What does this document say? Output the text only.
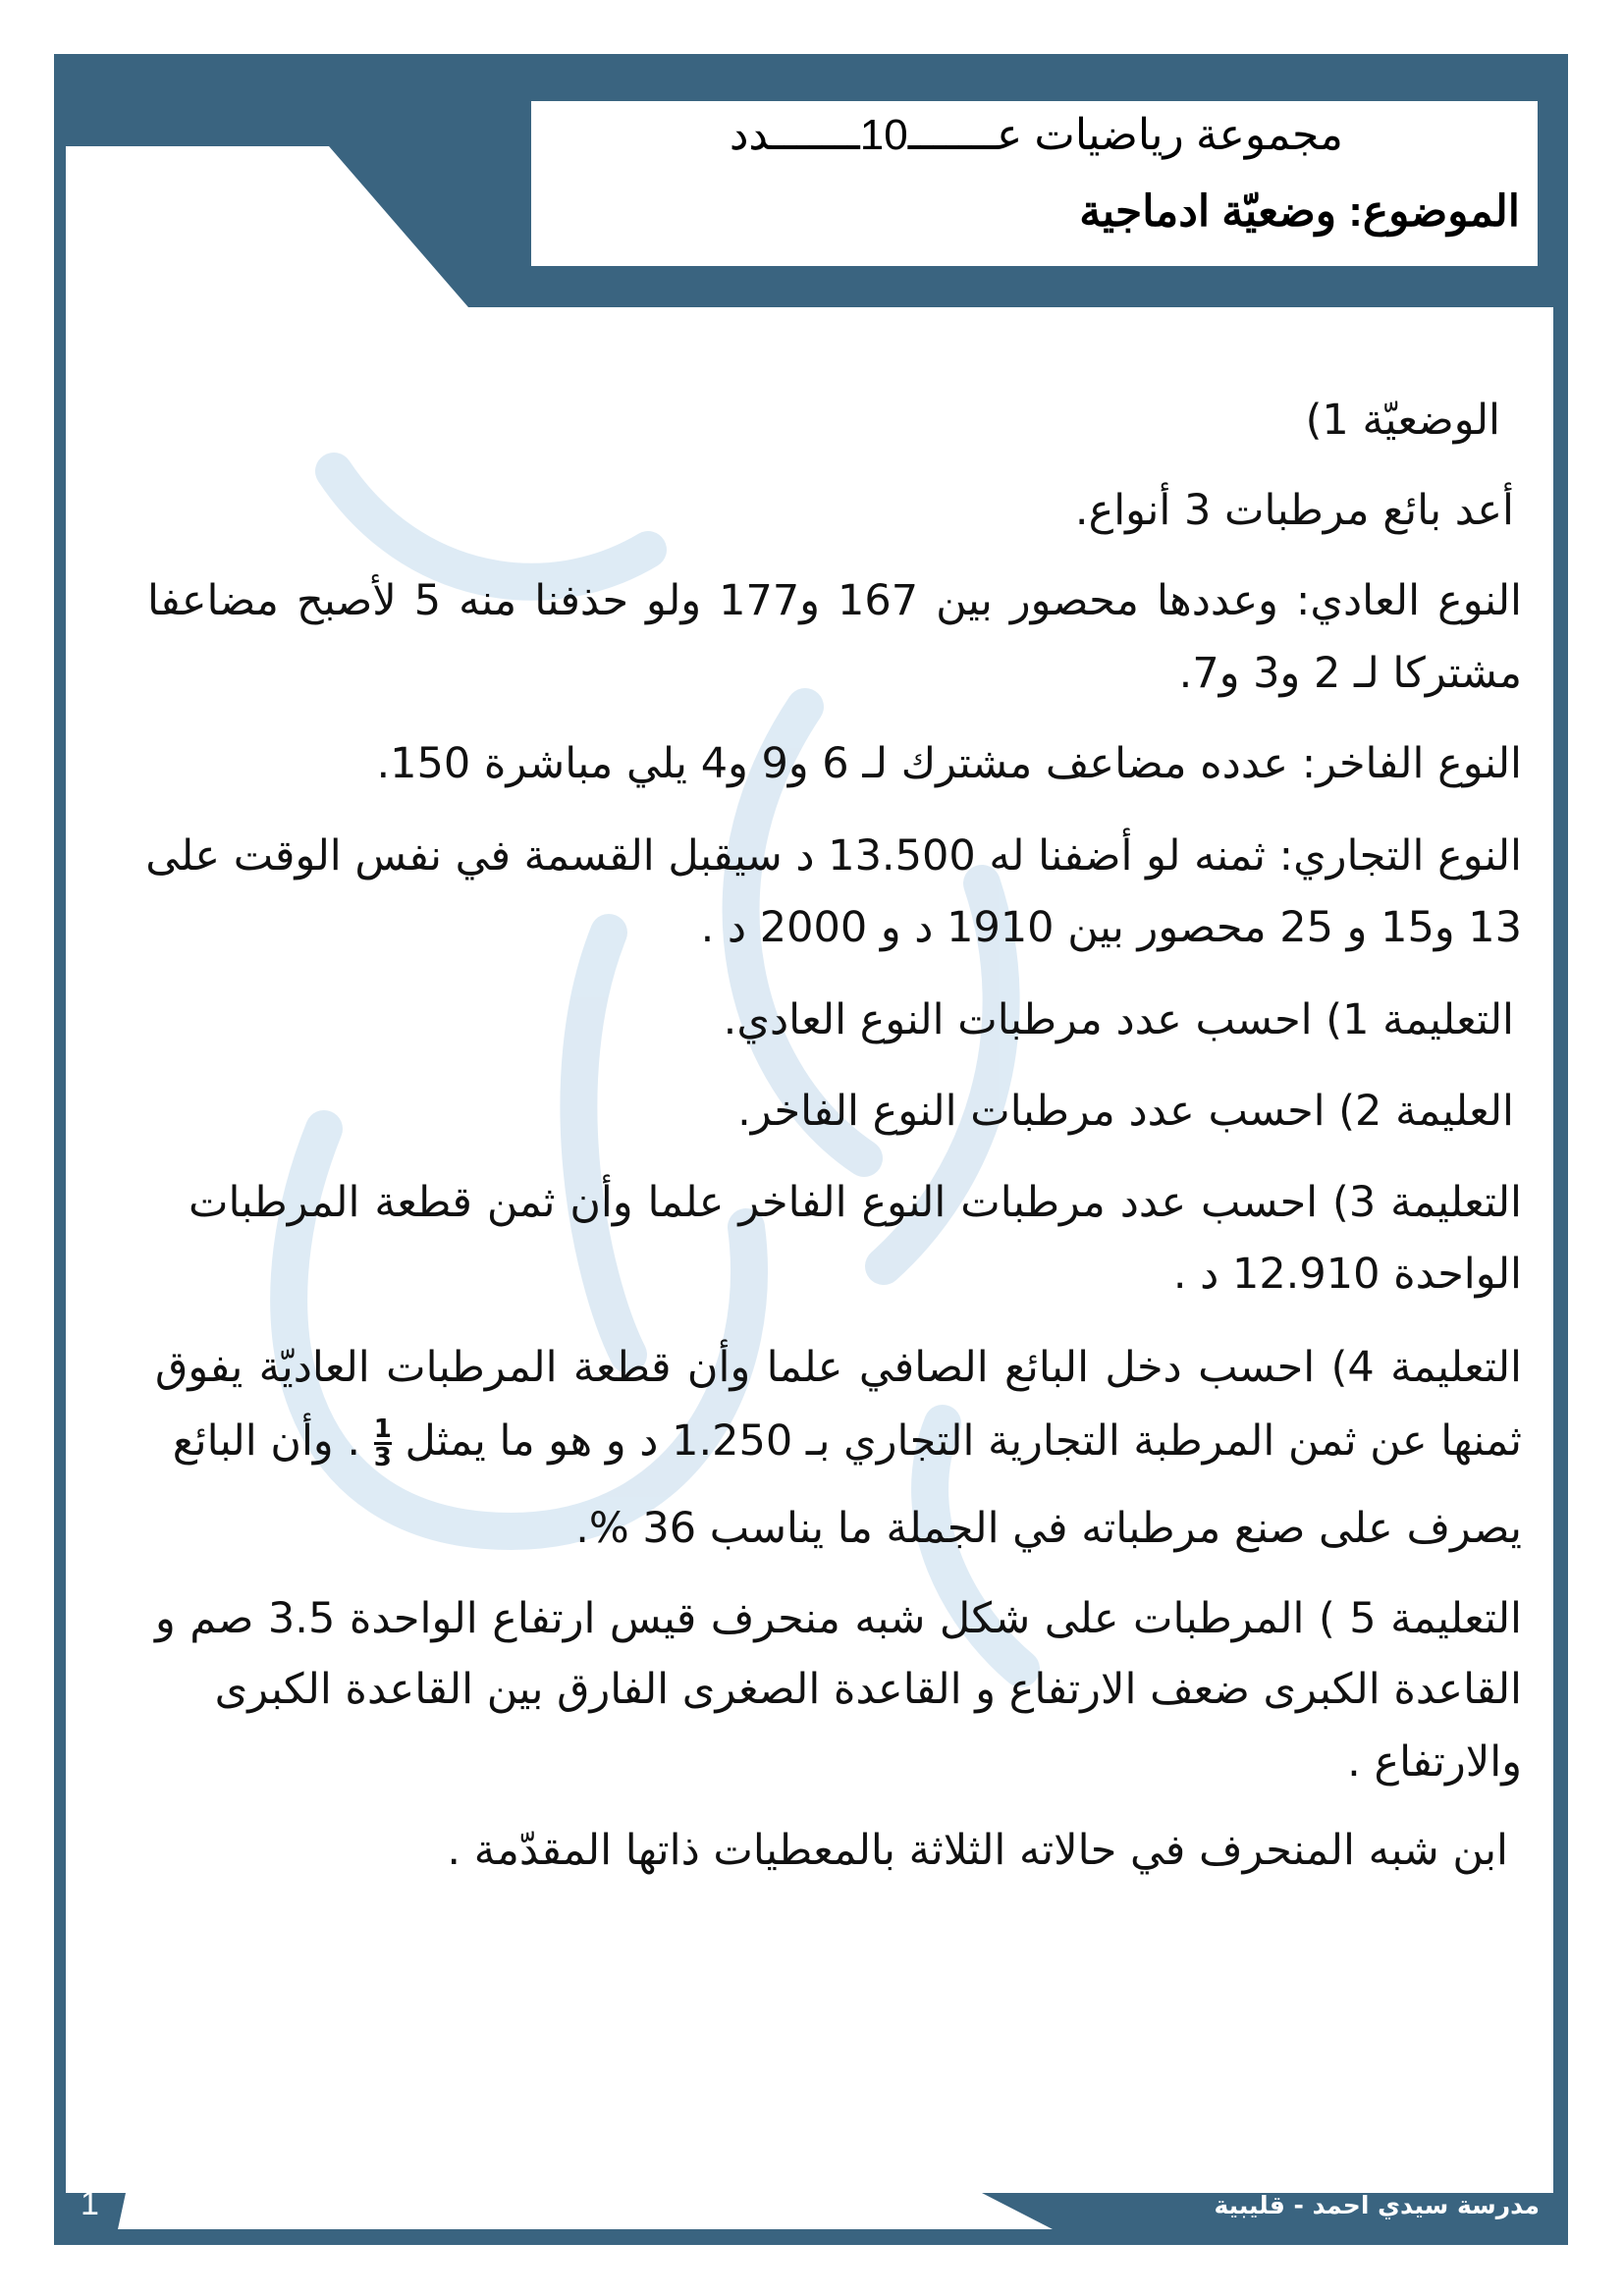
مجموعة رياضيات عـــــــ10ـــــــدد
الموضوع: وضعيّة ادماجية
الوضعيّة 1)
أعد بائع مرطبات 3 أنواع.
النوع العادي: وعددها محصور بين 167 و177 ولو حذفنا منه 5 لأصبح مضاعفا
مشتركا لـ 2 و3 و7.
النوع الفاخر: عدده مضاعف مشترك لـ 6 و9 و4 يلي مباشرة 150.
النوع التجاري: ثمنه لو أضفنا له 13.500 د سيقبل القسمة في نفس الوقت على
13 و15 و 25 محصور بين 1910 د و 2000 د .
التعليمة 1) احسب عدد مرطبات النوع العادي.
العليمة 2) احسب عدد مرطبات النوع الفاخر.
التعليمة 3) احسب عدد مرطبات النوع الفاخر علما وأن ثمن قطعة المرطبات
الواحدة 12.910 د .
التعليمة 4) احسب دخل البائع الصافي علما وأن قطعة المرطبات العاديّة يفوق
ثمنها عن ثمن المرطبة التجارية التجاري بـ 1.250 د و هو ما يمثل
$\frac{1}{3}$
. وأن البائع
يصرف على صنع مرطباته في الجملة ما يناسب 36 %.
التعليمة 5 ) المرطبات على شكل شبه منحرف قيس ارتفاع الواحدة 3.5 صم و
القاعدة الكبرى ضعف الارتفاع و القاعدة الصغرى الفارق بين القاعدة الكبرى
والارتفاع .
ابن شبه المنحرف في حالاته الثلاثة بالمعطيات ذاتها المقدّمة .
مدرسة سيدي احمد - قليبية
1
